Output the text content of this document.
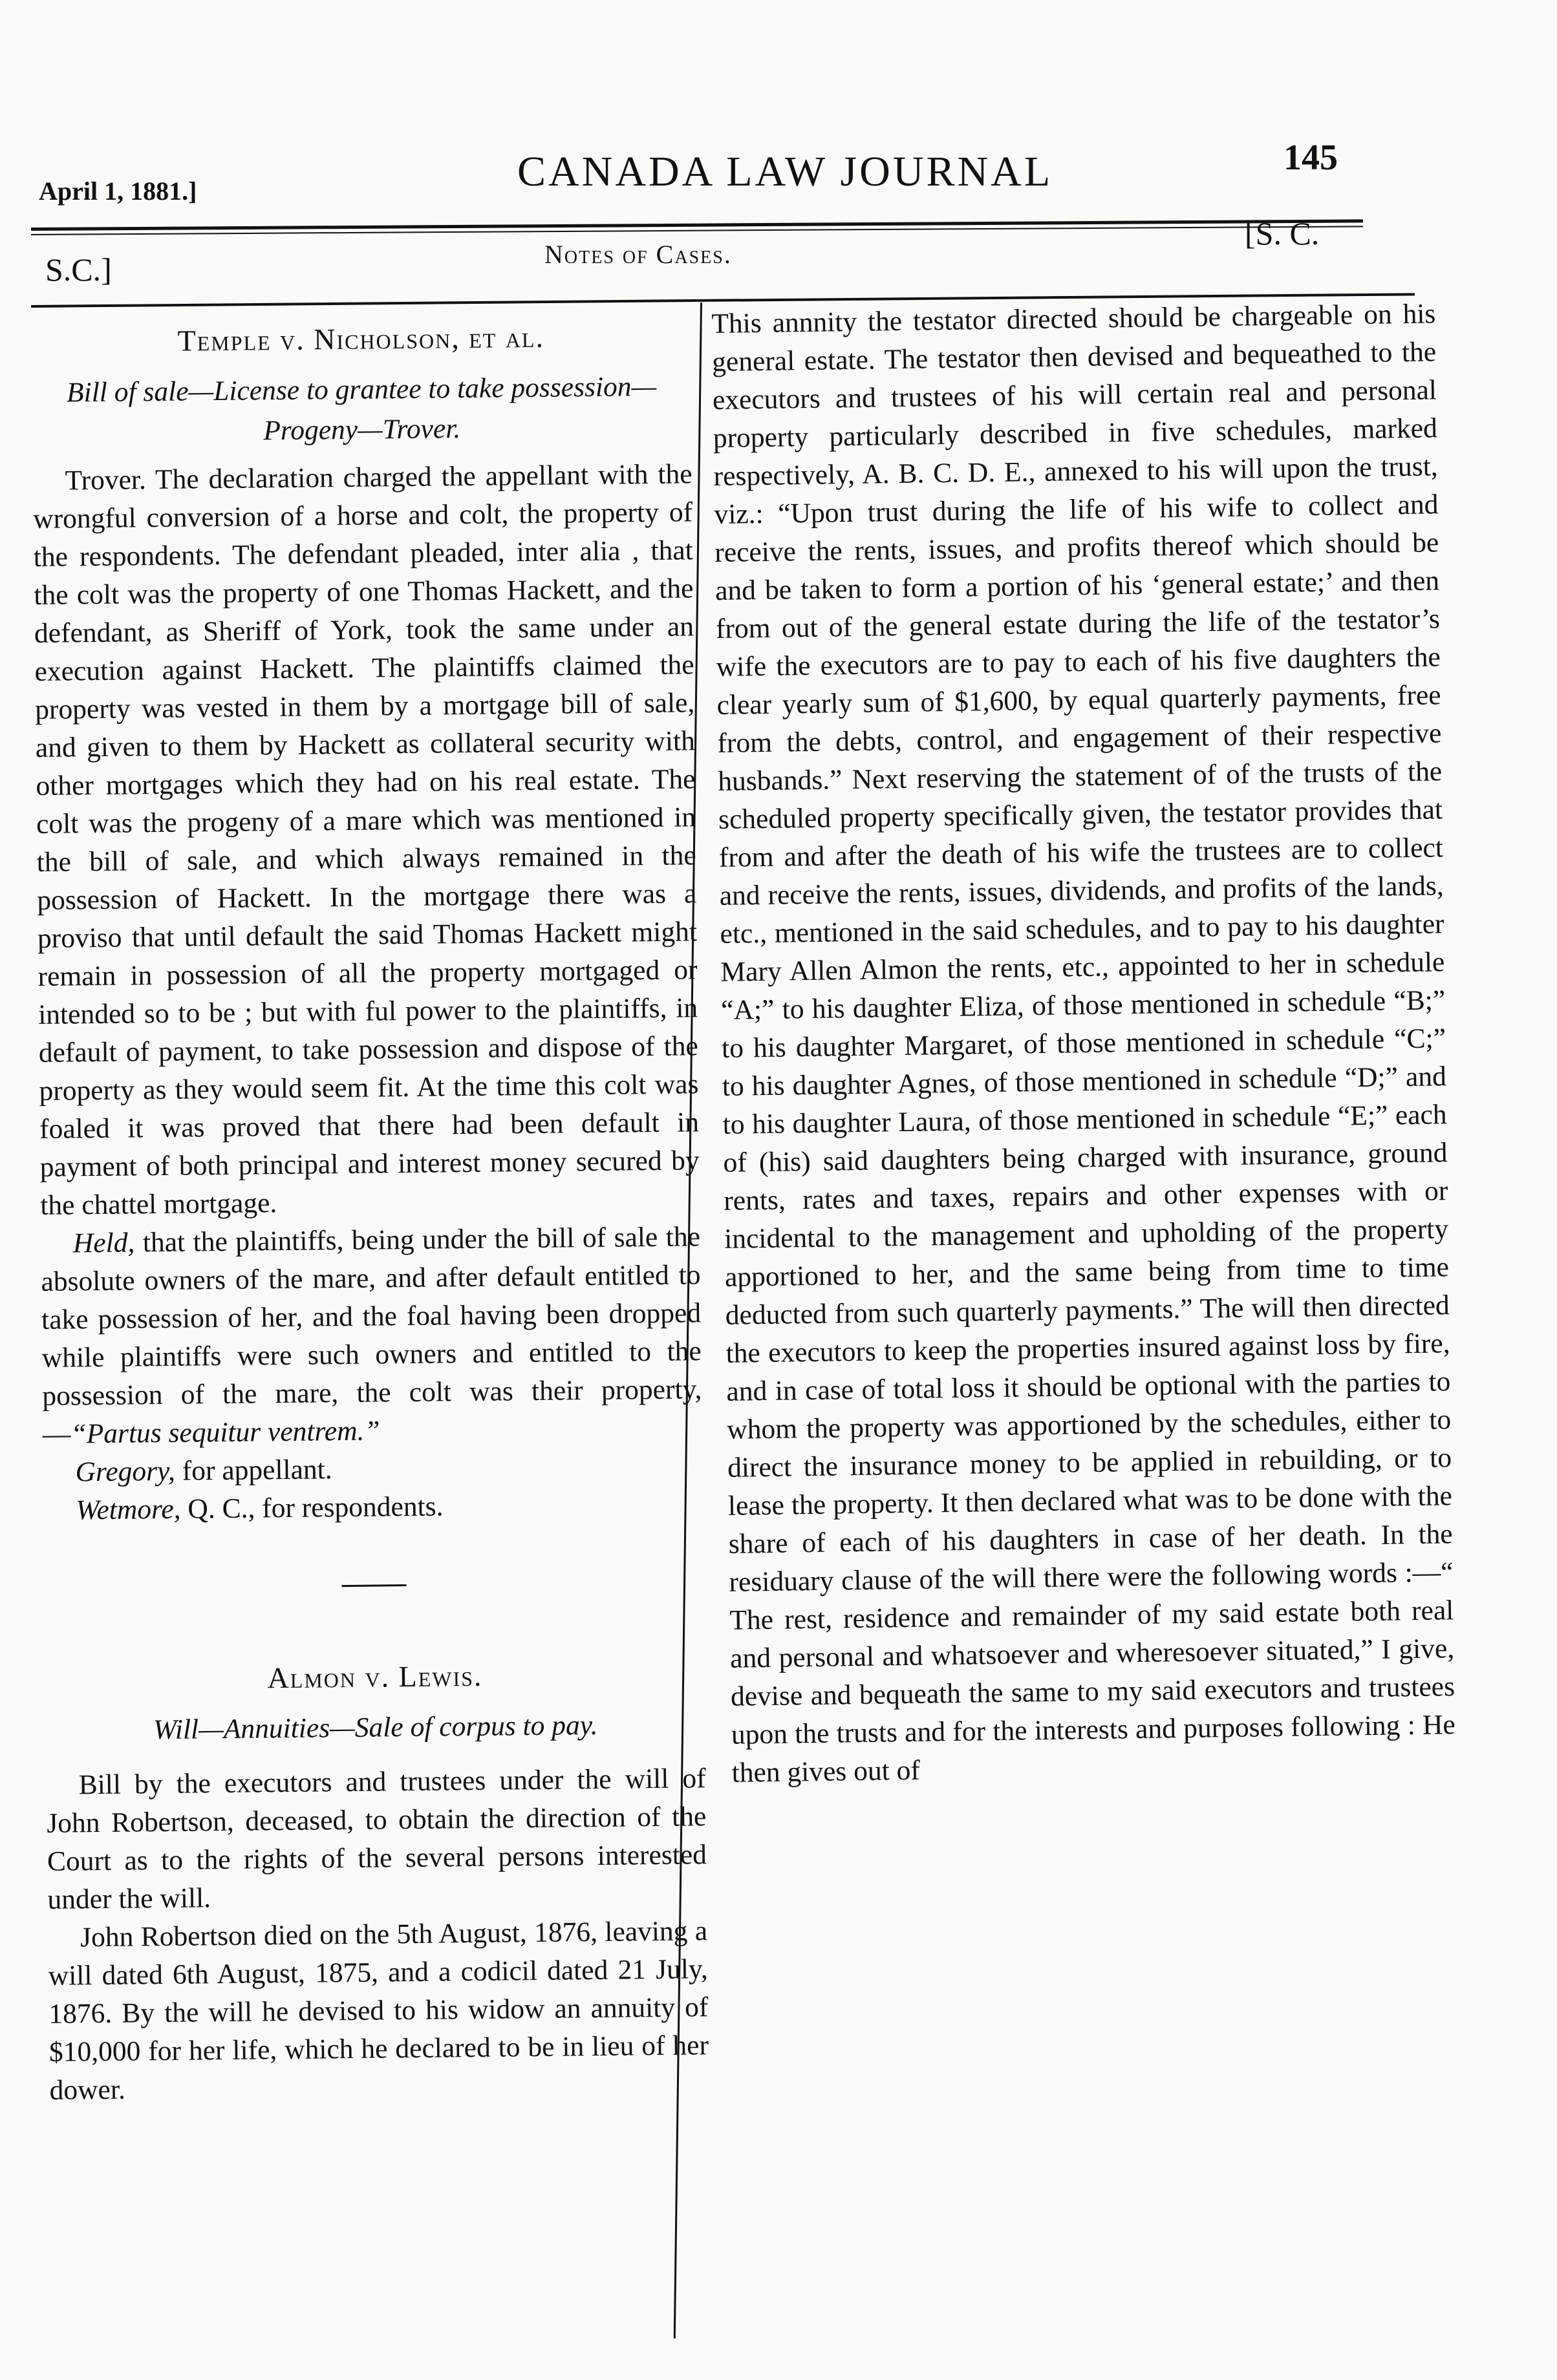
April 1, 1881.]	CANADA LAW JOURNAL	145
S.C.]	Notes of Cases.
[S. C.
Temple v. Nicholson, et al.
Bill of sale—License to grantee to take possession—Progeny—Trover.

Trover. The declaration charged the appellant with the wrongful conversion of a horse and colt, the property of the respondents. The defendant pleaded, inter alia , that the colt was the property of one Thomas Hackett, and the defendant, as Sheriff of York, took the same under an execution against Hackett. The plaintiffs claimed the property was vested in them by a mortgage bill of sale, and given to them by Hackett as collateral security with other mortgages which they had on his real estate. The colt was the progeny of a mare which was mentioned in the bill of sale, and which always remained in the possession of Hackett. In the mortgage there was a proviso that until default the said Thomas Hackett might remain in possession of all the property mortgaged or intended so to be ; but with ful power to the plaintiffs, in default of payment, to take possession and dispose of the property as they would seem fit. At the time this colt was foaled it was proved that there had been default in payment of both principal and interest money secured by the chattel mortgage.

Held, that the plaintiffs, being under the bill of sale the absolute owners of the mare, and after default entitled to take possession of her, and the foal having been dropped while plaintiffs were such owners and entitled to the possession of the mare, the colt was their property,—“Partus sequitur ventrem.”

Gregory, for appellant.

Wetmore, Q. C., for respondents.

Almon v. Lewis.
Will—Annuities—Sale of corpus to pay.

Bill by the executors and trustees under the will of John Robertson, deceased, to obtain the direction of the Court as to the rights of the several persons interested under the will.

John Robertson died on the 5th August, 1876, leaving a will dated 6th August, 1875, and a codicil dated 21 July, 1876. By the will he devised to his widow an annuity of $10,000 for her life, which he declared to be in lieu of her dower.

This annnity the testator directed should be chargeable on his general estate. The testator then devised and bequeathed to the executors and trustees of his will certain real and personal property particularly described in five schedules, marked respectively, A. B. C. D. E., annexed to his will upon the trust, viz.: “Upon trust during the life of his wife to collect and receive the rents, issues, and profits thereof which should be and be taken to form a portion of his ‘general estate;’ and then from out of the general estate during the life of the testator’s wife the executors are to pay to each of his five daughters the clear yearly sum of $1,600, by equal quarterly payments, free from the debts, control, and engagement of their respective husbands.” Next reserving the statement of of the trusts of the scheduled property specifically given, the testator provides that from and after the death of his wife the trustees are to collect and receive the rents, issues, dividends, and profits of the lands, etc., mentioned in the said schedules, and to pay to his daughter Mary Allen Almon the rents, etc., appointed to her in schedule “A;” to his daughter Eliza, of those mentioned in schedule “B;” to his daughter Margaret, of those mentioned in schedule “C;” to his daughter Agnes, of those mentioned in schedule “D;” and to his daughter Laura, of those mentioned in schedule “E;” each of (his) said daughters being charged with insurance, ground rents, rates and taxes, repairs and other expenses with or incidental to the management and upholding of the property apportioned to her, and the same being from time to time deducted from such quarterly payments.” The will then directed the executors to keep the properties insured against loss by fire, and in case of total loss it should be optional with the parties to whom the property was apportioned by the schedules, either to direct the insurance money to be applied in rebuilding, or to lease the property. It then declared what was to be done with the share of each of his daughters in case of her death. In the residuary clause of the will there were the following words :—“ The rest, residence and remainder of my said estate both real and personal and whatsoever and wheresoever situated,” I give, devise and bequeath the same to my said executors and trustees upon the trusts and for the interests and purposes following : He then gives out of
